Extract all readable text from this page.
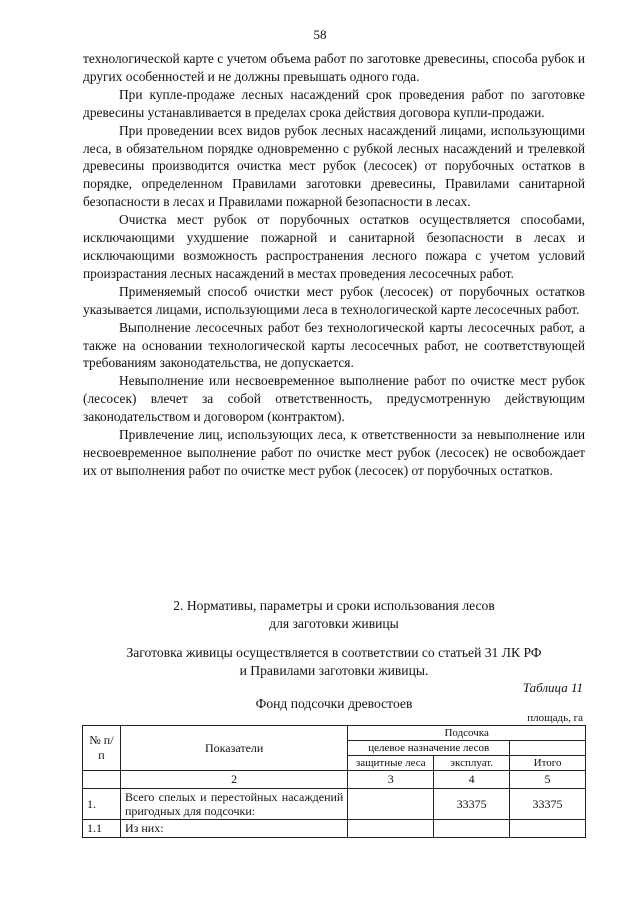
58

технологической карте с учетом объема работ по заготовке древесины, способа рубок и других особенностей и не должны превышать одного года.

При купле-продаже лесных насаждений срок проведения работ по заготовке древесины устанавливается в пределах срока действия договора купли-продажи.

При проведении всех видов рубок лесных насаждений лицами, использующими леса, в обязательном порядке одновременно с рубкой лесных насаждений и трелевкой древесины производится очистка мест рубок (лесосек) от порубочных остатков в порядке, определенном Правилами заготовки древесины, Правилами санитарной безопасности в лесах и Правилами пожарной безопасности в лесах.

Очистка мест рубок от порубочных остатков осуществляется способами, исключающими ухудшение пожарной и санитарной безопасности в лесах и исключающими возможность распространения лесного пожара с учетом условий произрастания лесных насаждений в местах проведения лесосечных работ.

Применяемый способ очистки мест рубок (лесосек) от порубочных остатков указывается лицами, использующими леса в технологической карте лесосечных работ.

Выполнение лесосечных работ без технологической карты лесосечных работ, а также на основании технологической карты лесосечных работ, не соответствующей требованиям законодательства, не допускается.

Невыполнение или несвоевременное выполнение работ по очистке мест рубок (лесосек) влечет за собой ответственность, предусмотренную действующим законодательством и договором (контрактом).

Привлечение лиц, использующих леса, к ответственности за невыполнение или несвоевременное выполнение работ по очистке мест рубок (лесосек) не освобождает их от выполнения работ по очистке мест рубок (лесосек) от порубочных остатков.

2. Нормативы, параметры и сроки использования лесов
для заготовки живицы
Заготовка живицы осуществляется в соответствии со статьей 31 ЛК РФ
и Правилами заготовки живицы.
Таблица 11
Фонд подсочки древостоев
площадь, га
№ п/п	Показатели	Подсочка		
		целевое назначение лесов		
		защитные леса	эксплуат.	Итого
	2	3	4	5
1.	Всего спелых и перестойных насаждений пригодных для подсочки:		33375	33375
1.1	Из них:			
